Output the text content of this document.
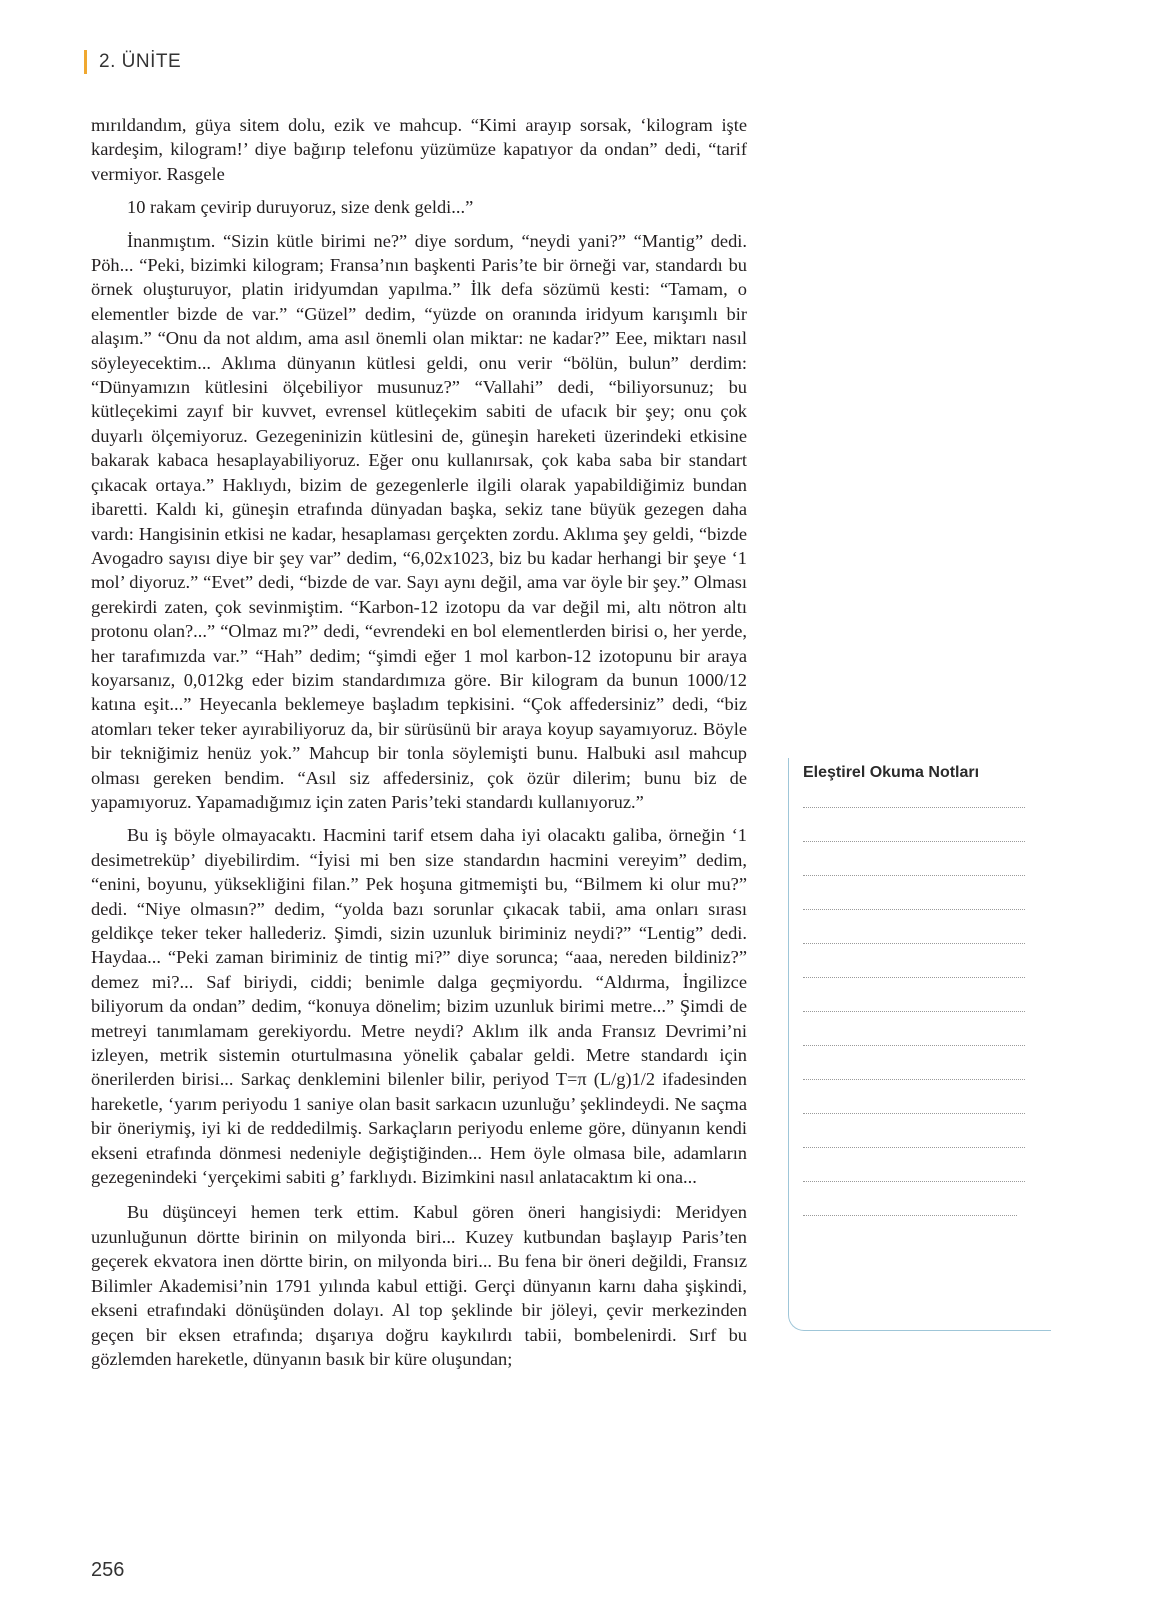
2. ÜNİTE

mırıldandım, güya sitem dolu, ezik ve mahcup. “Kimi arayıp sorsak, ‘kilogram işte kardeşim, kilogram!’ diye bağırıp telefonu yüzümüze kapatıyor da ondan” dedi, “tarif vermiyor. Rasgele

10 rakam çevirip duruyoruz, size denk geldi...”

İnanmıştım. “Sizin kütle birimi ne?” diye sordum, “neydi yani?” “Mantig” dedi. Pöh... “Peki, bizimki kilogram; Fransa’nın başkenti Paris’te bir örneği var, standardı bu örnek oluşturuyor, platin iridyumdan yapılma.” İlk defa sözümü kesti: “Tamam, o elementler bizde de var.” “Güzel” dedim, “yüzde on oranında iridyum karışımlı bir alaşım.” “Onu da not aldım, ama asıl önemli olan miktar: ne kadar?” Eee, miktarı nasıl söyleyecektim... Aklıma dünyanın kütlesi geldi, onu verir “bölün, bulun” derdim: “Dünyamızın kütlesini ölçebiliyor musunuz?” “Vallahi” dedi, “biliyorsunuz; bu kütleçekimi zayıf bir kuvvet, evrensel kütleçekim sabiti de ufacık bir şey; onu çok duyarlı ölçemiyoruz. Gezegeninizin kütlesini de, güneşin hareketi üzerindeki etkisine bakarak kabaca hesaplayabiliyoruz. Eğer onu kullanırsak, çok kaba saba bir standart çıkacak ortaya.” Haklıydı, bizim de gezegenlerle ilgili olarak yapabildiğimiz bundan ibaretti. Kaldı ki, güneşin etrafında dünyadan başka, sekiz tane büyük gezegen daha vardı: Hangisinin etkisi ne kadar, hesaplaması gerçekten zordu. Aklıma şey geldi, “bizde Avogadro sayısı diye bir şey var” dedim, “6,02x1023, biz bu kadar herhangi bir şeye ‘1 mol’ diyoruz.” “Evet” dedi, “bizde de var. Sayı aynı değil, ama var öyle bir şey.” Olması gerekirdi zaten, çok sevinmiştim. “Karbon-12 izotopu da var değil mi, altı nötron altı protonu olan?...” “Olmaz mı?” dedi, “evrendeki en bol elementlerden birisi o, her yerde, her tarafımızda var.” “Hah” dedim; “şimdi eğer 1 mol karbon-12 izotopunu bir araya koyarsanız, 0,012kg eder bizim standardımıza göre. Bir kilogram da bunun 1000/12 katına eşit...” Heyecanla beklemeye başladım tepkisini. “Çok affedersiniz” dedi, “biz atomları teker teker ayırabiliyoruz da, bir sürüsünü bir araya koyup sayamıyoruz. Böyle bir tekniğimiz henüz yok.” Mahcup bir tonla söylemişti bunu. Halbuki asıl mahcup olması gereken bendim. “Asıl siz affedersiniz, çok özür dilerim; bunu biz de yapamıyoruz. Yapamadığımız için zaten Paris’teki standardı kullanıyoruz.”

Bu iş böyle olmayacaktı. Hacmini tarif etsem daha iyi olacaktı galiba, örneğin ‘1 desimetreküp’ diyebilirdim. “İyisi mi ben size standardın hacmini vereyim” dedim, “enini, boyunu, yüksekliğini filan.” Pek hoşuna gitmemişti bu, “Bilmem ki olur mu?” dedi. “Niye olmasın?” dedim, “yolda bazı sorunlar çıkacak tabii, ama onları sırası geldikçe teker teker hallederiz. Şimdi, sizin uzunluk biriminiz neydi?” “Lentig” dedi. Haydaa... “Peki zaman biriminiz de tintig mi?” diye sorunca; “aaa, nereden bildiniz?” demez mi?... Saf biriydi, ciddi; benimle dalga geçmiyordu. “Aldırma, İngilizce biliyorum da ondan” dedim, “konuya dönelim; bizim uzunluk birimi metre...” Şimdi de metreyi tanımlamam gerekiyordu. Metre neydi? Aklım ilk anda Fransız Devrimi’ni izleyen, metrik sistemin oturtulmasına yönelik çabalar geldi. Metre standardı için önerilerden birisi... Sarkaç denklemini bilenler bilir, periyod T=π (L/g)1/2 ifadesinden hareketle, ‘yarım periyodu 1 saniye olan basit sarkacın uzunluğu’ şeklindeydi. Ne saçma bir öneriymiş, iyi ki de reddedilmiş. Sarkaçların periyodu enleme göre, dünyanın kendi ekseni etrafında dönmesi nedeniyle değiştiğinden... Hem öyle olmasa bile, adamların gezegenindeki ‘yerçekimi sabiti g’ farklıydı. Bizimkini nasıl anlatacaktım ki ona...

Bu düşünceyi hemen terk ettim. Kabul gören öneri hangisiydi: Meridyen uzunluğunun dörtte birinin on milyonda biri... Kuzey kutbundan başlayıp Paris’ten geçerek ekvatora inen dörtte birin, on milyonda biri... Bu fena bir öneri değildi, Fransız Bilimler Akademisi’nin 1791 yılında kabul ettiği. Gerçi dünyanın karnı daha şişkindi, ekseni etrafındaki dönüşünden dolayı. Al top şeklinde bir jöleyi, çevir merkezinden geçen bir eksen etrafında; dışarıya doğru kaykılırdı tabii, bombelenirdi. Sırf bu gözlemden hareketle, dünyanın basık bir küre oluşundan;

Eleştirel Okuma Notları
256
